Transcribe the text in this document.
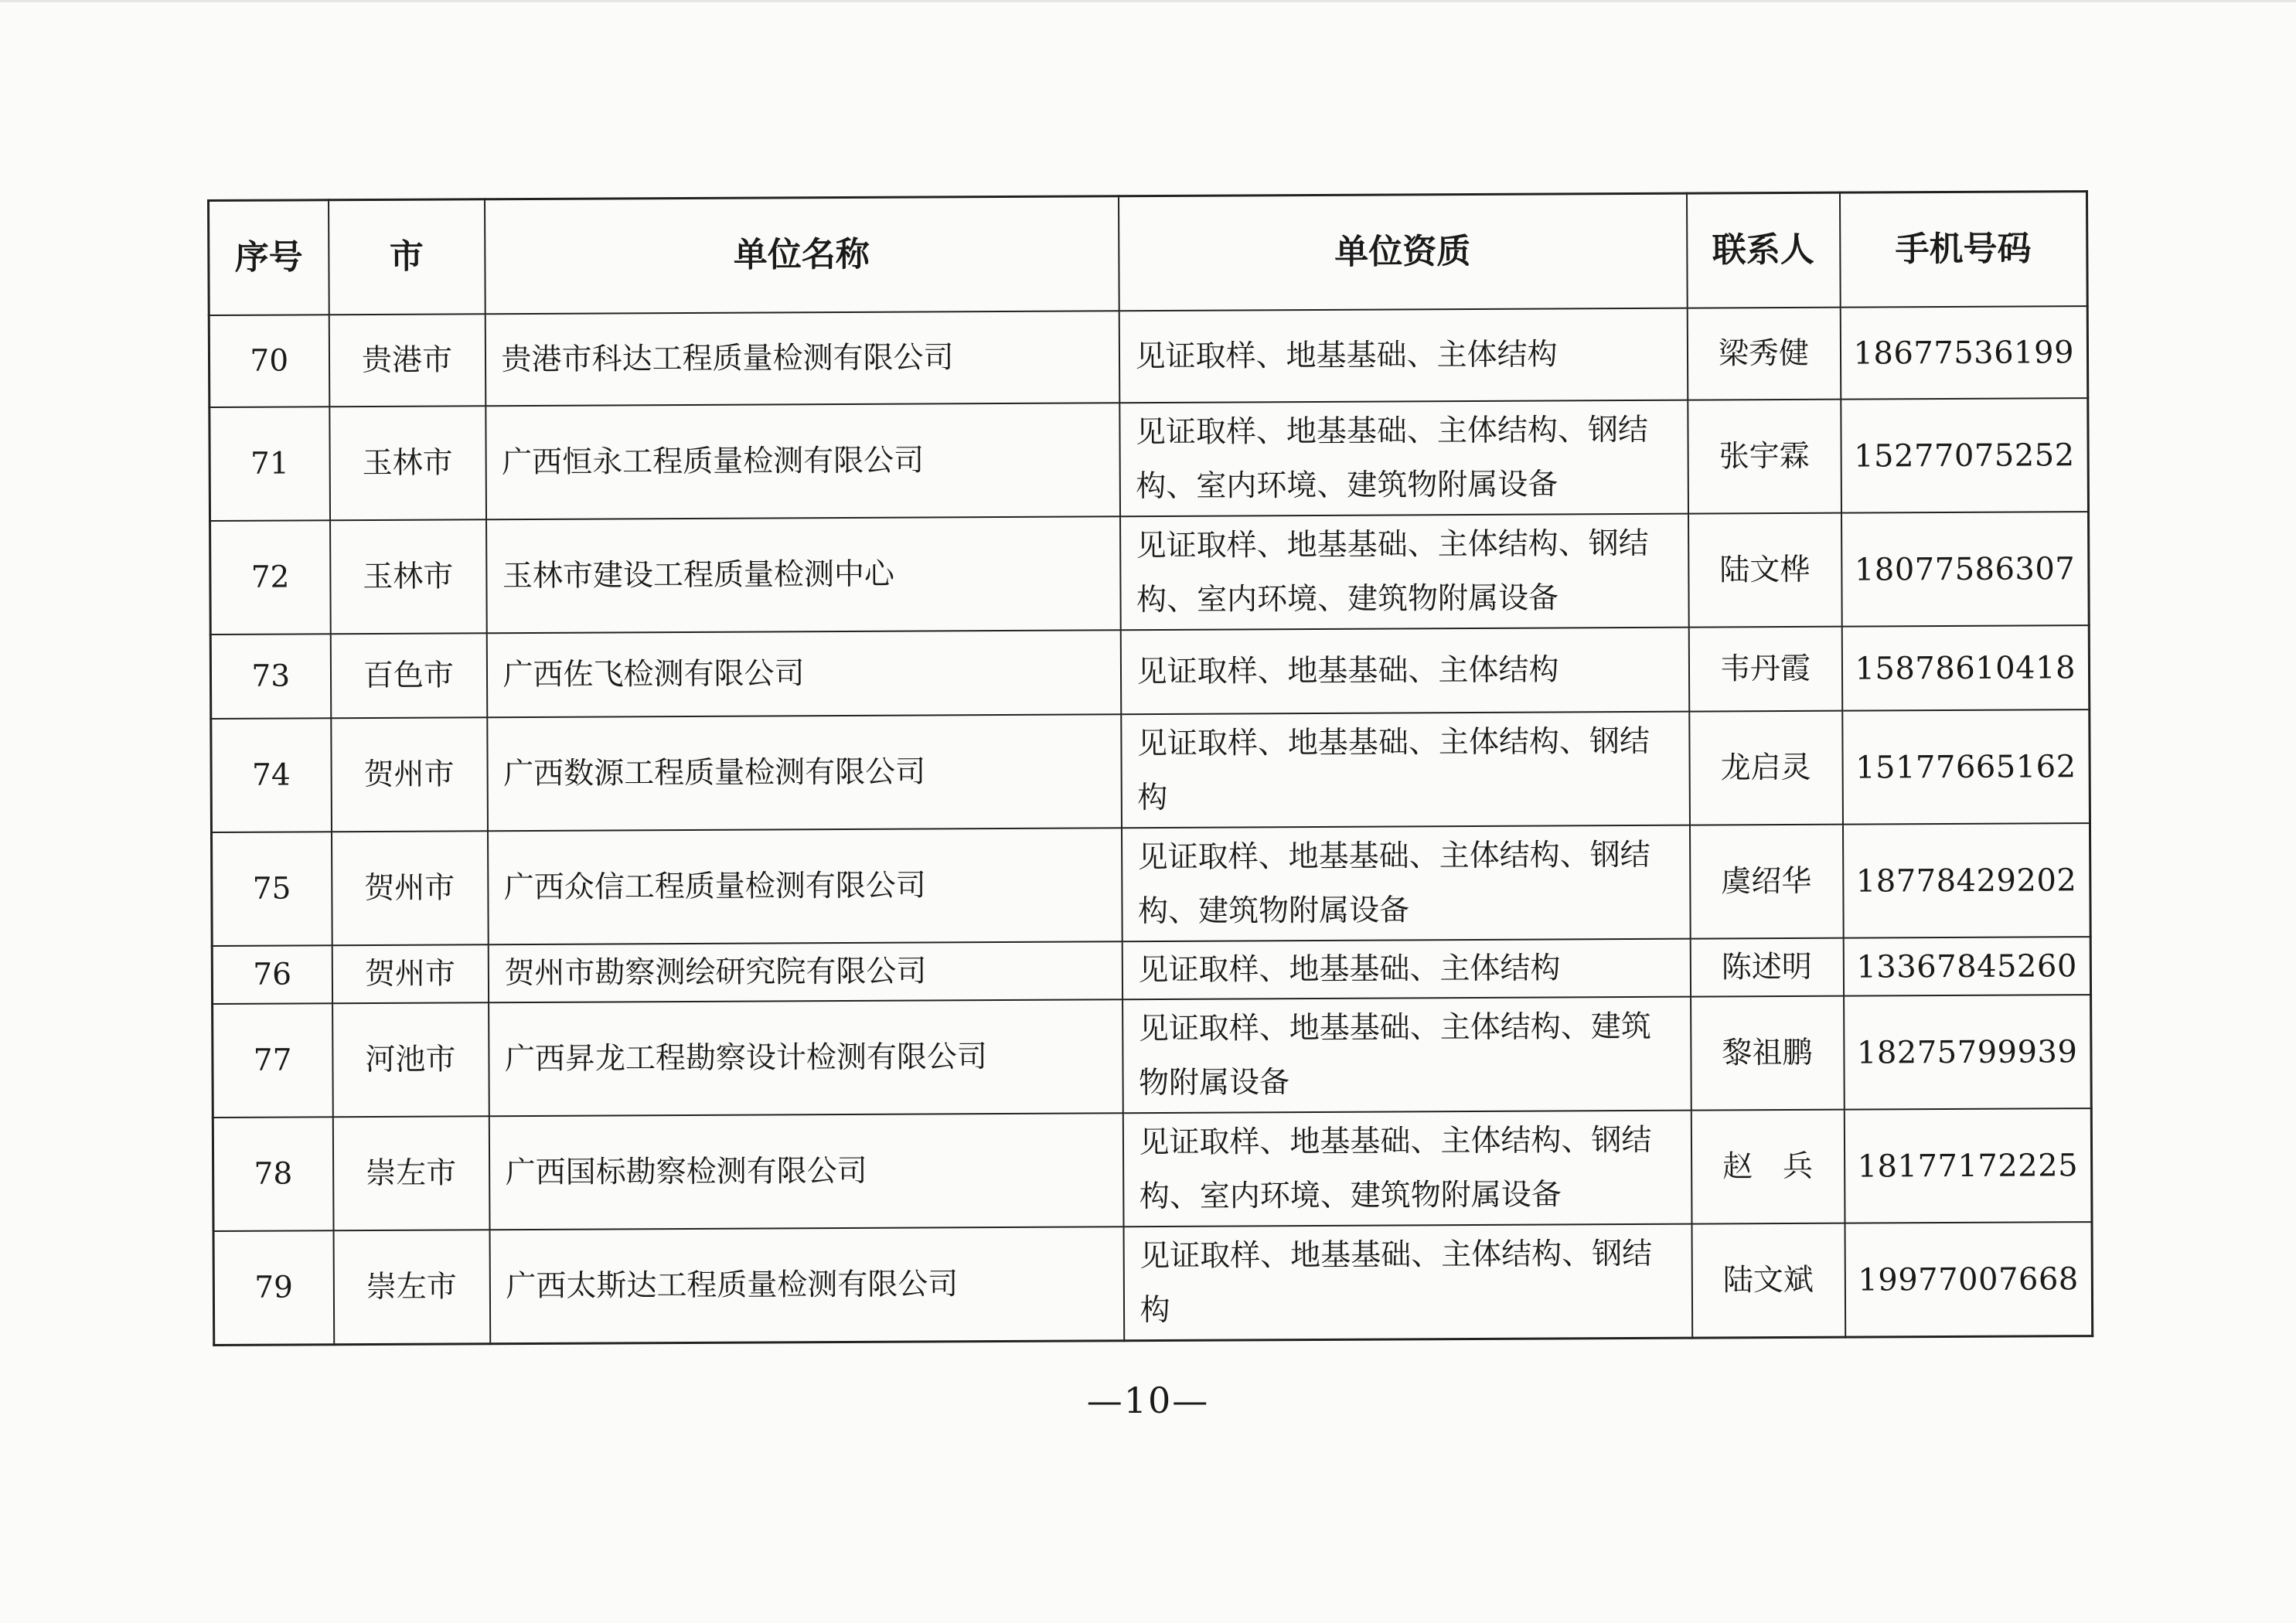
序号	市	单位名称	单位资质	联系人	手机号码
70	贵港市	贵港市科达工程质量检测有限公司	见证取样、地基基础、主体结构	梁秀健	18677536199
71	玉林市	广西恒永工程质量检测有限公司	见证取样、地基基础、主体结构、钢结构、室内环境、建筑物附属设备	张宇霖	15277075252
72	玉林市	玉林市建设工程质量检测中心	见证取样、地基基础、主体结构、钢结构、室内环境、建筑物附属设备	陆文桦	18077586307
73	百色市	广西佐飞检测有限公司	见证取样、地基基础、主体结构	韦丹霞	15878610418
74	贺州市	广西数源工程质量检测有限公司	见证取样、地基基础、主体结构、钢结构	龙启灵	15177665162
75	贺州市	广西众信工程质量检测有限公司	见证取样、地基基础、主体结构、钢结构、建筑物附属设备	虞绍华	18778429202
76	贺州市	贺州市勘察测绘研究院有限公司	见证取样、地基基础、主体结构	陈述明	13367845260
77	河池市	广西昇龙工程勘察设计检测有限公司	见证取样、地基基础、主体结构、建筑物附属设备	黎祖鹏	18275799939
78	崇左市	广西国标勘察检测有限公司	见证取样、地基基础、主体结构、钢结构、室内环境、建筑物附属设备	赵　兵	18177172225
79	崇左市	广西太斯达工程质量检测有限公司	见证取样、地基基础、主体结构、钢结构	陆文斌	19977007668
—10—
